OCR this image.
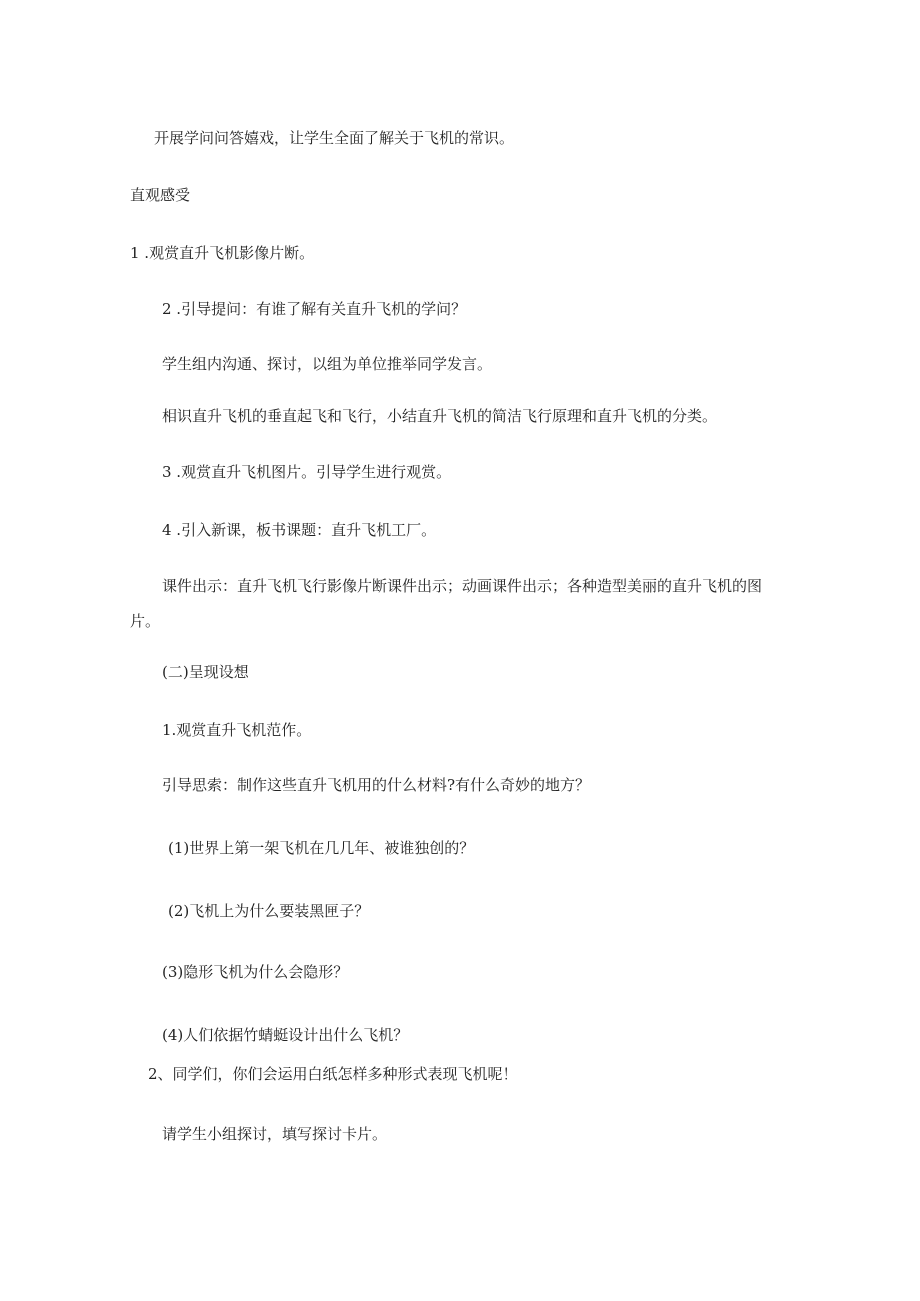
开展学问问答嬉戏，让学生全面了解关于飞机的常识。

直观感受

1 .观赏直升飞机影像片断。

2 .引导提问：有谁了解有关直升飞机的学问？

学生组内沟通、探讨，以组为单位推举同学发言。

相识直升飞机的垂直起飞和飞行，小结直升飞机的简洁飞行原理和直升飞机的分类。

3 .观赏直升飞机图片。引导学生进行观赏。

4 .引入新课，板书课题：直升飞机工厂。

课件出示：直升飞机飞行影像片断课件出示；动画课件出示；各种造型美丽的直升飞机的图

片。

(二)呈现设想

1.观赏直升飞机范作。

引导思索：制作这些直升飞机用的什么材料?有什么奇妙的地方？

(1)世界上第一架飞机在几几年、被谁独创的？

(2)飞机上为什么要装黑匣子？

(3)隐形飞机为什么会隐形？

(4)人们依据竹蜻蜓设计出什么飞机？

2、同学们，你们会运用白纸怎样多种形式表现飞机呢！

请学生小组探讨，填写探讨卡片。
